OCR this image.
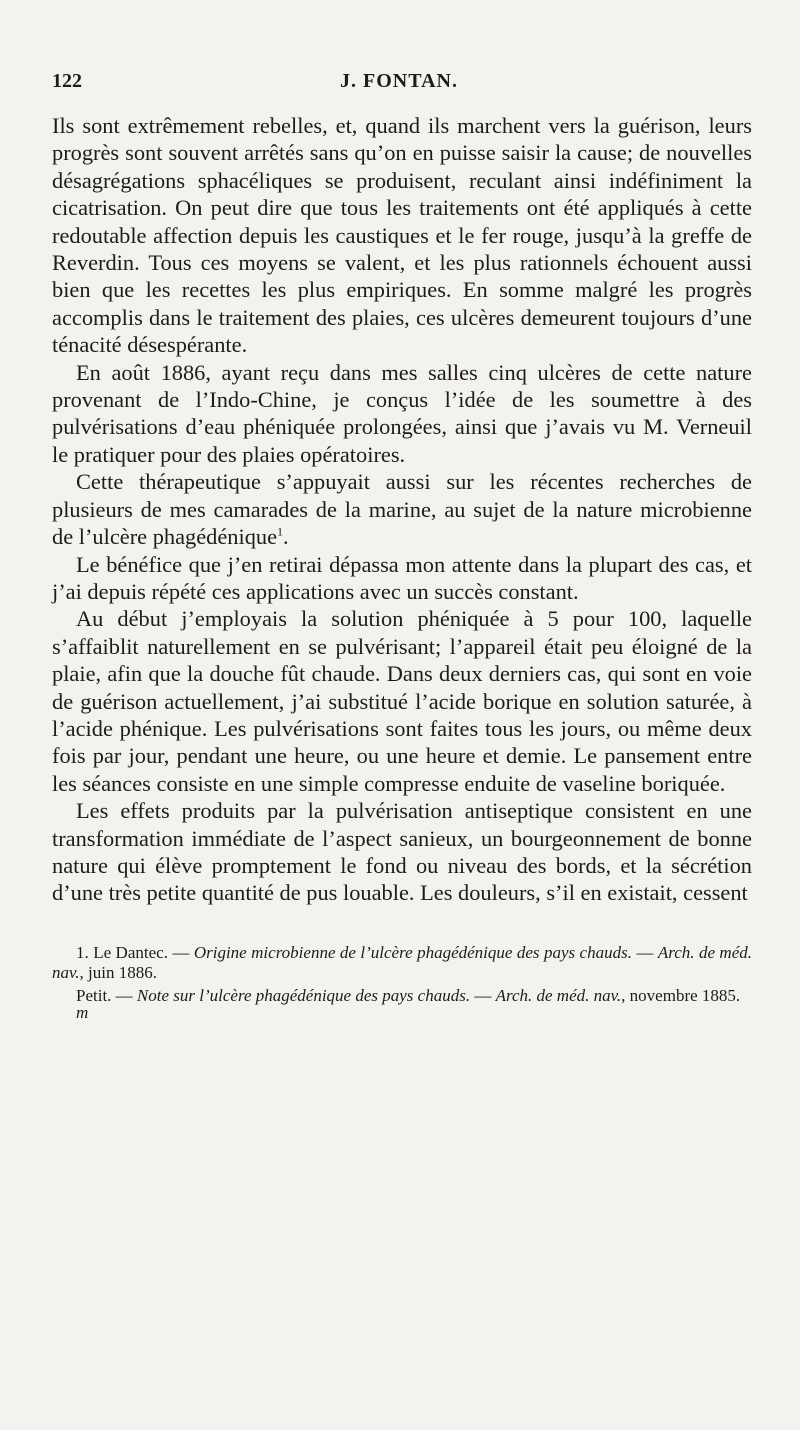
122	J. FONTAN.

Ils sont extrêmement rebelles, et, quand ils marchent vers la guérison, leurs progrès sont souvent arrêtés sans qu’on en puisse saisir la cause; de nouvelles désagrégations sphacéliques se produisent, reculant ainsi indéfiniment la cicatrisation. On peut dire que tous les traitements ont été appliqués à cette redoutable affection depuis les caustiques et le fer rouge, jusqu’à la greffe de Reverdin. Tous ces moyens se valent, et les plus rationnels échouent aussi bien que les recettes les plus empiriques. En somme malgré les progrès accomplis dans le traitement des plaies, ces ulcères demeurent toujours d’une ténacité désespérante.

En août 1886, ayant reçu dans mes salles cinq ulcères de cette nature provenant de l’Indo-Chine, je conçus l’idée de les soumettre à des pulvérisations d’eau phéniquée prolongées, ainsi que j’avais vu M. Verneuil le pratiquer pour des plaies opératoires.

Cette thérapeutique s’appuyait aussi sur les récentes recherches de plusieurs de mes camarades de la marine, au sujet de la nature microbienne de l’ulcère phagédénique$^1$.

Le bénéfice que j’en retirai dépassa mon attente dans la plupart des cas, et j’ai depuis répété ces applications avec un succès constant.

Au début j’employais la solution phéniquée à 5 pour 100, laquelle s’affaiblit naturellement en se pulvérisant; l’appareil était peu éloigné de la plaie, afin que la douche fût chaude. Dans deux derniers cas, qui sont en voie de guérison actuellement, j’ai substitué l’acide borique en solution saturée, à l’acide phénique. Les pulvérisations sont faites tous les jours, ou même deux fois par jour, pendant une heure, ou une heure et demie. Le pansement entre les séances consiste en une simple compresse enduite de vaseline boriquée.

Les effets produits par la pulvérisation antiseptique consistent en une transformation immédiate de l’aspect sanieux, un bourgeonnement de bonne nature qui élève promptement le fond ou niveau des bords, et la sécrétion d’une très petite quantité de pus louable. Les douleurs, s’il en existait, cessent

1. Le Dantec. — Origine microbienne de l’ulcère phagédénique des pays chauds. — Arch. de méd. nav., juin 1886.

Petit. — Note sur l’ulcère phagédénique des pays chauds. — Arch. de méd. nav., novembre 1885.

m
